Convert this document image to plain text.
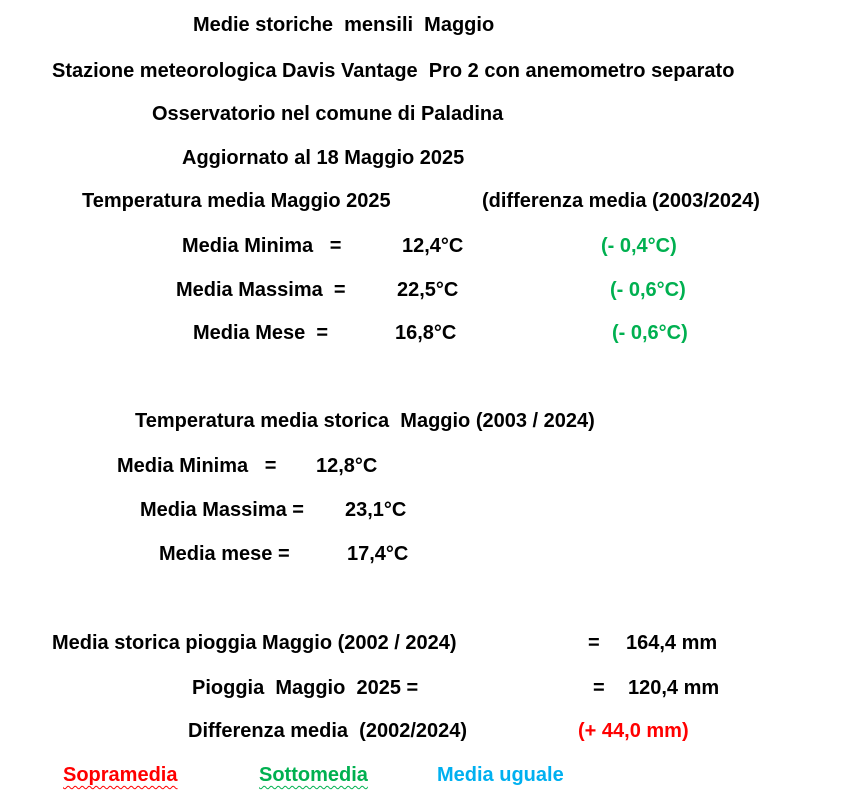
Medie storiche  mensili  Maggio
Stazione meteorologica Davis Vantage  Pro 2 con anemometro separato
Osservatorio nel comune di Paladina
Aggiornato al 18 Maggio 2025
Temperatura media Maggio 2025	(differenza media (2003/2024)
Media Minima   =	12,4°C	(- 0,4°C)
Media Massima  =	22,5°C	(- 0,6°C)
Media Mese  =	16,8°C	(- 0,6°C)
Temperatura media storica  Maggio (2003 / 2024)
Media Minima   = 12,8°C
Media Massima = 23,1°C
Media mese =	17,4°C
Media storica pioggia Maggio (2002 / 2024)	= 164,4 mm
Pioggia  Maggio  2025 =	= 120,4 mm
Differenza media  (2002/2024)	(+ 44,0 mm)
Sopramedia	Sottomedia	Media uguale
